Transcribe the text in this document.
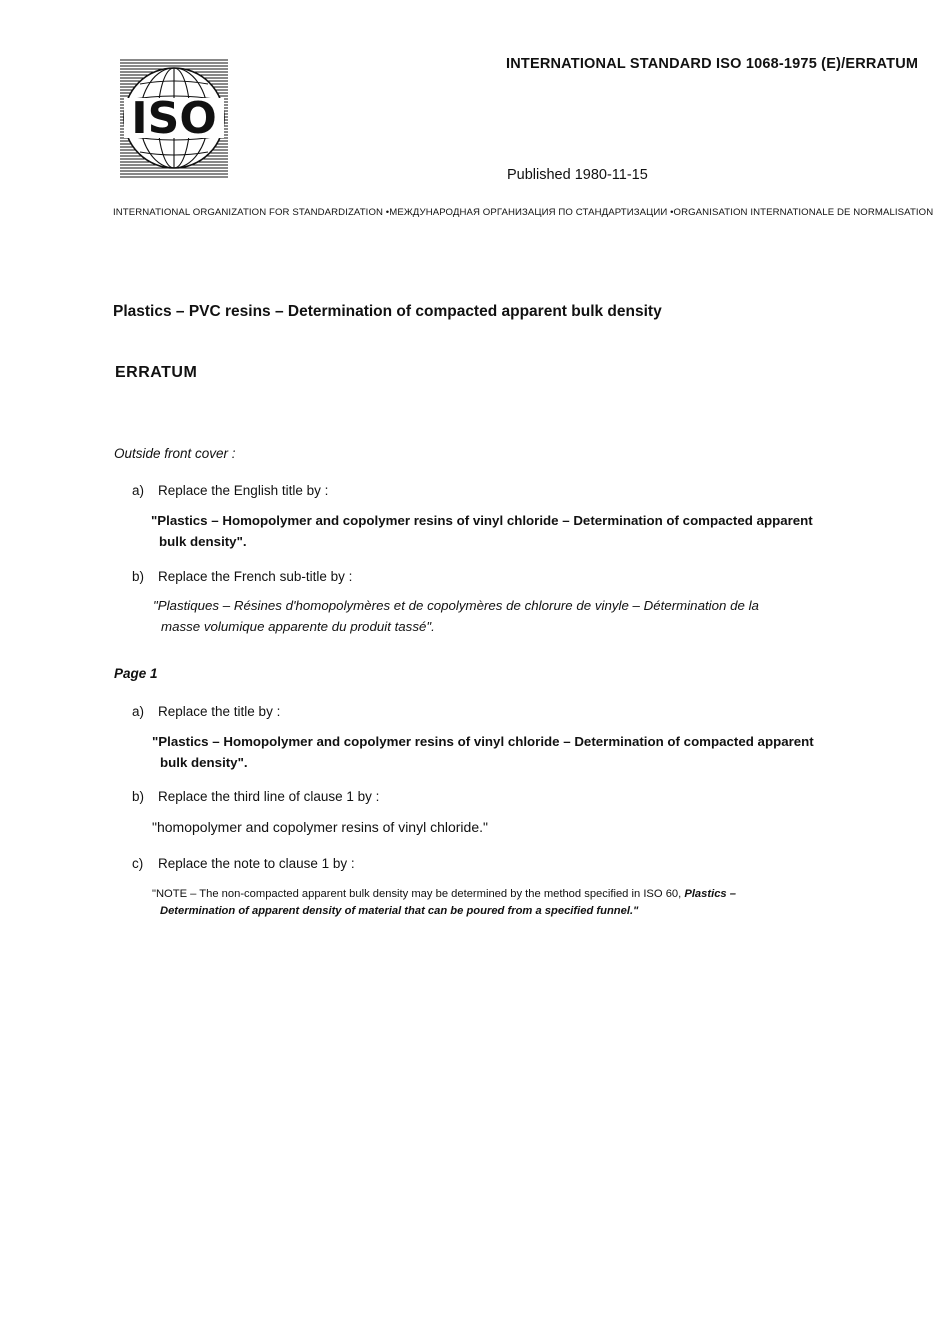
ISO
INTERNATIONAL STANDARD ISO 1068-1975 (E)/ERRATUM
Published 1980-11-15
INTERNATIONAL ORGANIZATION FOR STANDARDIZATION •МЕЖДУНАРОДНАЯ ОРГАНИЗАЦИЯ ПО СТАНДАРТИЗАЦИИ •ORGANISATION INTERNATIONALE DE NORMALISATION
Plastics – PVC resins – Determination of compacted apparent bulk density
ERRATUM
Outside front cover :
a) Replace the English title by :
"Plastics – Homopolymer and copolymer resins of vinyl chloride – Determination of compacted apparent
bulk density".
b) Replace the French sub-title by :
"Plastiques – Résines d'homopolymères et de copolymères de chlorure de vinyle – Détermination de la
masse volumique apparente du produit tassé".
Page 1
a) Replace the title by :
"Plastics – Homopolymer and copolymer resins of vinyl chloride – Determination of compacted apparent
bulk density".
b) Replace the third line of clause 1 by :
"homopolymer and copolymer resins of vinyl chloride."
c) Replace the note to clause 1 by :
"NOTE – The non-compacted apparent bulk density may be determined by the method specified in ISO 60, Plastics –
Determination of apparent density of material that can be poured from a specified funnel."
